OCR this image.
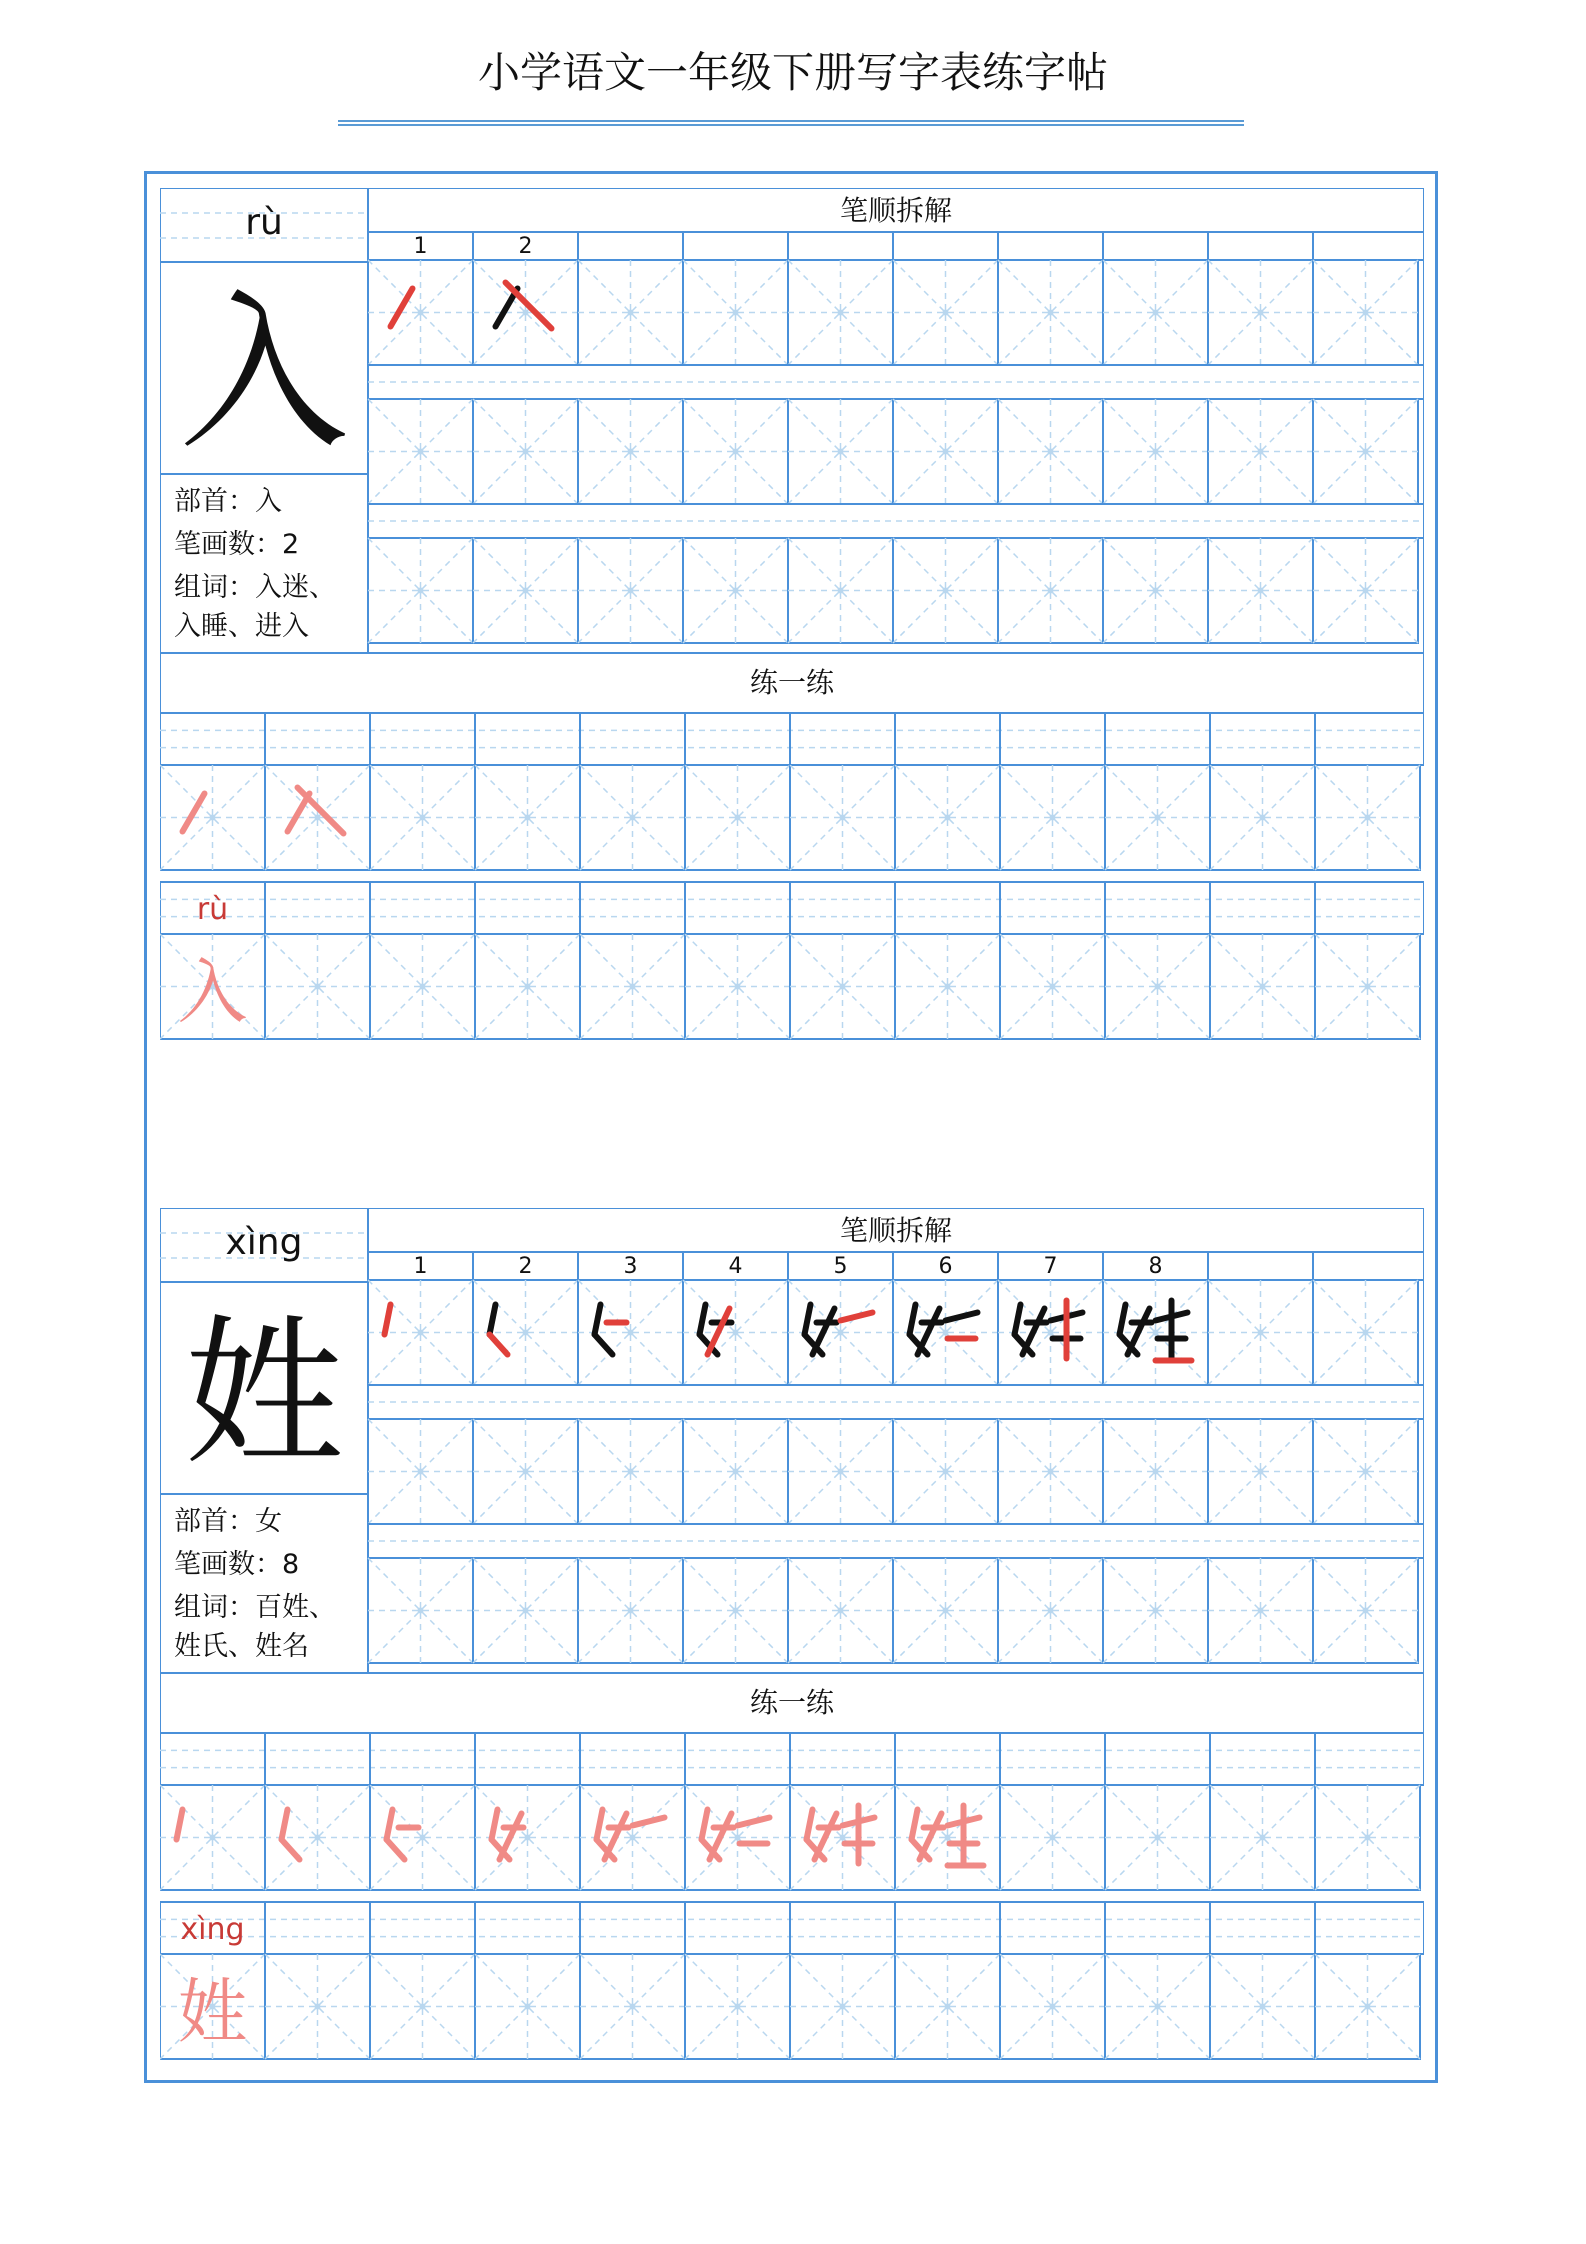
小学语文一年级下册写字表练字帖
入
rù
入
部首：入
笔画数：2
组词：入迷、
入睡、进入
笔顺拆解
1	2
练一练
rù
姓
xìng
姓
部首：女
笔画数：8
组词：百姓、
姓氏、姓名
笔顺拆解
1	2	3	4	5	6	7	8
练一练
xìng
